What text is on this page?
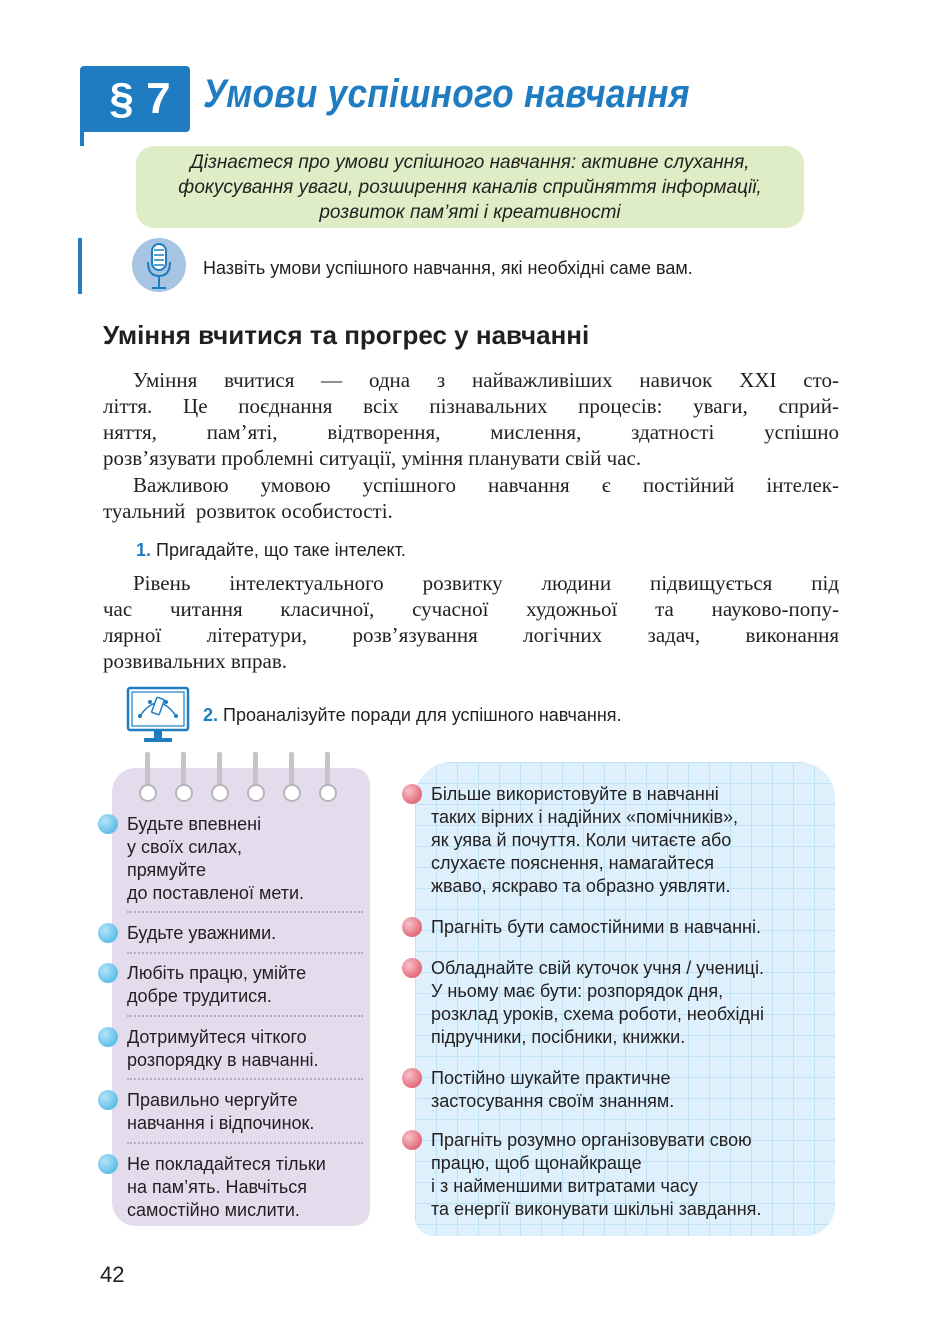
§ 7 Умови успішного навчання
Дізнаєтеся про умови успішного навчання: активне слухання,
фокусування уваги, розширення каналів сприйняття інформації,
розвиток пам’яті і креативності
Назвіть умови успішного навчання, які необхідні саме вам.
Уміння вчитися та прогрес у навчанні
Уміння вчитися — одна з найважливіших навичок XXI сто-
ліття. Це поєднання всіх пізнавальних процесів: уваги, сприй-
няття, пам’яті, відтворення, мислення, здатності успішно
розв’язувати проблемні ситуації, уміння планувати свій час.
Важливою умовою успішного навчання є постійний інтелек-
туальний  розвиток особистості.
1. Пригадайте, що таке інтелект.
Рівень інтелектуального розвитку людини підвищується під
час читання класичної, сучасної художньої та науково-попу-
лярної літератури, розв’язування логічних задач, виконання
розвивальних вправ.
2. Проаналізуйте поради для успішного навчання.
Будьте впевнені
у своїх силах,
прямуйте
до поставленої мети.
Будьте уважними.
Любіть працю, умійте
добре трудитися.
Дотримуйтеся чіткого
розпорядку в навчанні.
Правильно чергуйте
навчання і відпочинок.
Не покладайтеся тільки
на пам’ять. Навчіться
самостійно мислити.
Більше використовуйте в навчанні
таких вірних і надійних «помічників»,
як уява й почуття. Коли читаєте або
слухаєте пояснення, намагайтеся
жваво, яскраво та образно уявляти.
Прагніть бути самостійними в навчанні.
Обладнайте свій куточок учня / учениці.
У ньому має бути: розпорядок дня,
розклад уроків, схема роботи, необхідні
підручники, посібники, книжки.
Постійно шукайте практичне
застосування своїм знанням.
Прагніть розумно організовувати свою
працю, щоб щонайкраще
і з найменшими витратами часу
та енергії виконувати шкільні завдання.
42
